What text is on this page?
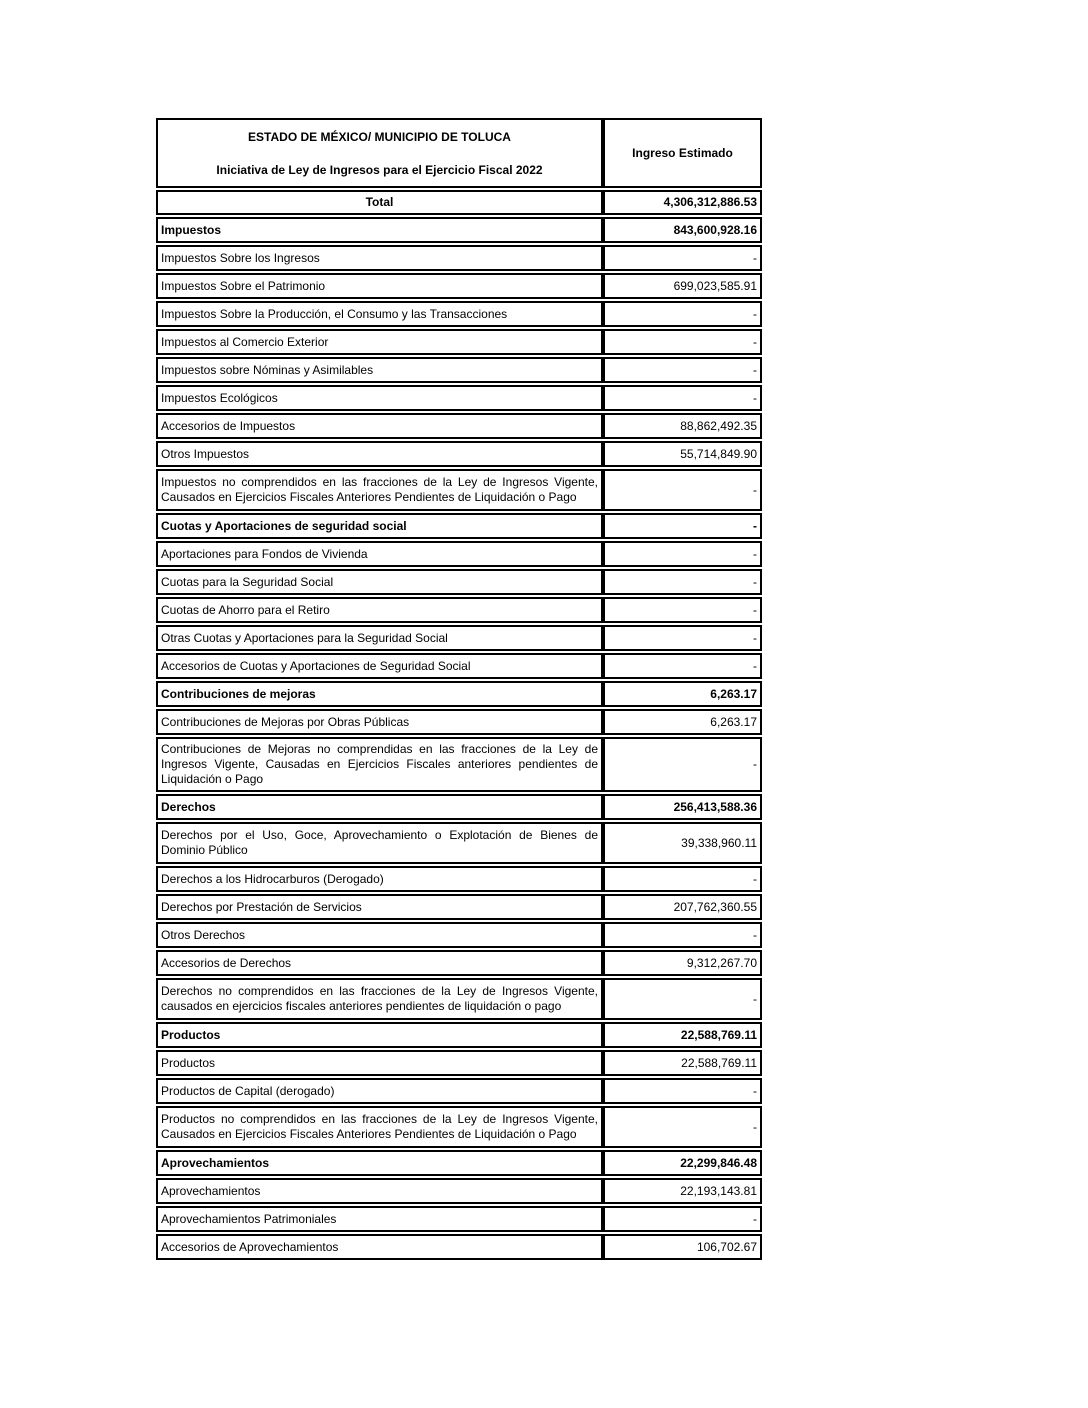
ESTADO DE MÉXICO/ MUNICIPIO DE TOLUCA
Iniciativa de Ley de Ingresos para el Ejercicio Fiscal 2022	Ingreso Estimado
Total	4,306,312,886.53
Impuestos	843,600,928.16
Impuestos Sobre los Ingresos	-
Impuestos Sobre el Patrimonio	699,023,585.91
Impuestos Sobre la Producción, el Consumo y las Transacciones	-
Impuestos al Comercio Exterior	-
Impuestos sobre Nóminas y Asimilables	-
Impuestos Ecológicos	-
Accesorios de Impuestos	88,862,492.35
Otros Impuestos	55,714,849.90
Impuestos no comprendidos en las fracciones de la Ley de Ingresos Vigente, Causados en Ejercicios Fiscales Anteriores Pendientes de Liquidación o Pago	-
Cuotas y Aportaciones de seguridad social	-
Aportaciones para Fondos de Vivienda	-
Cuotas para la Seguridad Social	-
Cuotas de Ahorro para el Retiro	-
Otras Cuotas y Aportaciones para la Seguridad Social	-
Accesorios de Cuotas y Aportaciones de Seguridad Social	-
Contribuciones de mejoras	6,263.17
Contribuciones de Mejoras por Obras Públicas	6,263.17
Contribuciones de Mejoras no comprendidas en las fracciones de la Ley de Ingresos Vigente, Causadas en Ejercicios Fiscales anteriores pendientes de Liquidación o Pago	-
Derechos	256,413,588.36
Derechos por el Uso, Goce, Aprovechamiento o Explotación de Bienes de Dominio Público	39,338,960.11
Derechos a los Hidrocarburos (Derogado)	-
Derechos por Prestación de Servicios	207,762,360.55
Otros Derechos	-
Accesorios de Derechos	9,312,267.70
Derechos no comprendidos en las fracciones de la Ley de Ingresos Vigente, causados en ejercicios fiscales anteriores pendientes de liquidación o pago	-
Productos	22,588,769.11
Productos	22,588,769.11
Productos de Capital (derogado)	-
Productos no comprendidos en las fracciones de la Ley de Ingresos Vigente, Causados en Ejercicios Fiscales Anteriores Pendientes de Liquidación o Pago	-
Aprovechamientos	22,299,846.48
Aprovechamientos	22,193,143.81
Aprovechamientos Patrimoniales	-
Accesorios de Aprovechamientos	106,702.67
